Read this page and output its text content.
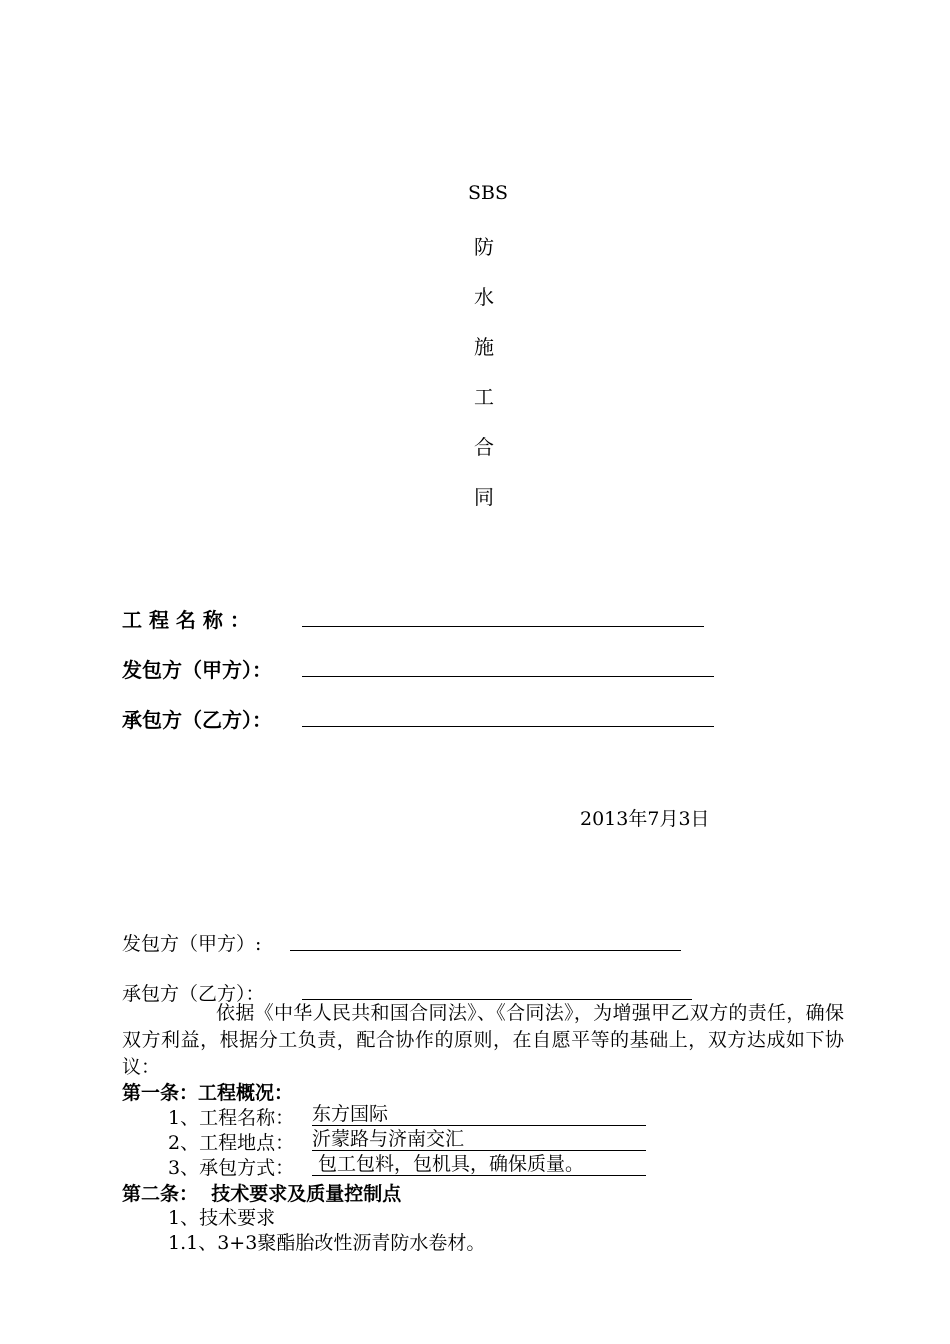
SBS
防
水
施
工
合
同
工 程 名 称 ：
发包方（甲方）：
承包方（乙方）：
2013年7月3日
发包方（甲方）:
承包方（乙方）：
依据《中华人民共和国合同法》、《合同法》，为增强甲乙双方的责任，确保双方利益，根据分工负责，配合协作的原则，在自愿平等的基础上，双方达成如下协议：
第一条：工程概况：
1、工程名称： 东方国际
2、工程地点： 沂蒙路与济南交汇
3、承包方式： 包工包料，包机具，确保质量。
第二条：  技术要求及质量控制点
1、技术要求
1.1、3+3聚酯胎改性沥青防水卷材。
